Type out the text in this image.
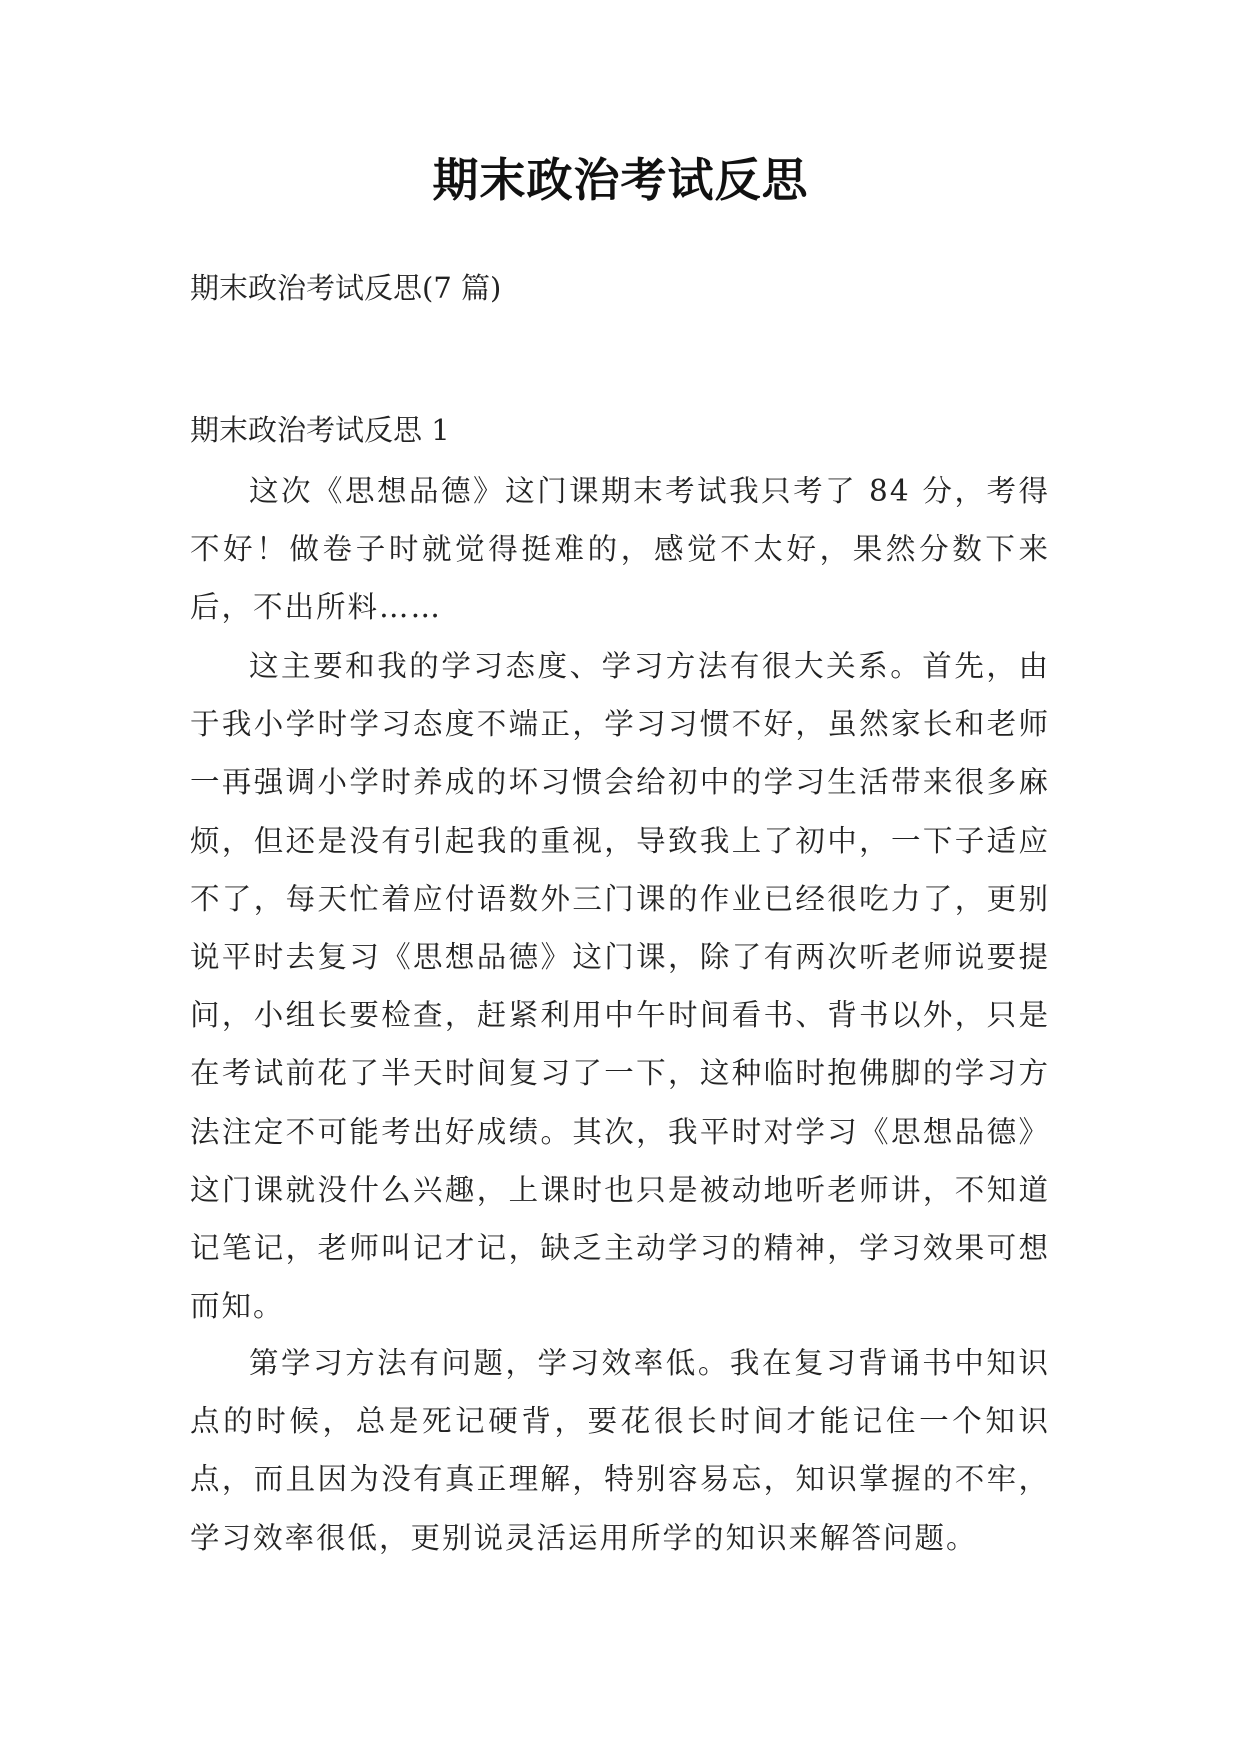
期末政治考试反思
期末政治考试反思(7 篇)
期末政治考试反思 1

这次《思想品德》这门课期末考试我只考了 84 分，考得不好！做卷子时就觉得挺难的，感觉不太好，果然分数下来后，不出所料……

这主要和我的学习态度、学习方法有很大关系。首先，由于我小学时学习态度不端正，学习习惯不好，虽然家长和老师一再强调小学时养成的坏习惯会给初中的学习生活带来很多麻烦，但还是没有引起我的重视，导致我上了初中，一下子适应不了，每天忙着应付语数外三门课的作业已经很吃力了，更别说平时去复习《思想品德》这门课，除了有两次听老师说要提问，小组长要检查，赶紧利用中午时间看书、背书以外，只是在考试前花了半天时间复习了一下，这种临时抱佛脚的学习方法注定不可能考出好成绩。其次，我平时对学习《思想品德》这门课就没什么兴趣，上课时也只是被动地听老师讲，不知道记笔记，老师叫记才记，缺乏主动学习的精神，学习效果可想而知。

第学习方法有问题，学习效率低。我在复习背诵书中知识点的时候，总是死记硬背，要花很长时间才能记住一个知识点，而且因为没有真正理解，特别容易忘，知识掌握的不牢，学习效率很低，更别说灵活运用所学的知识来解答问题。
